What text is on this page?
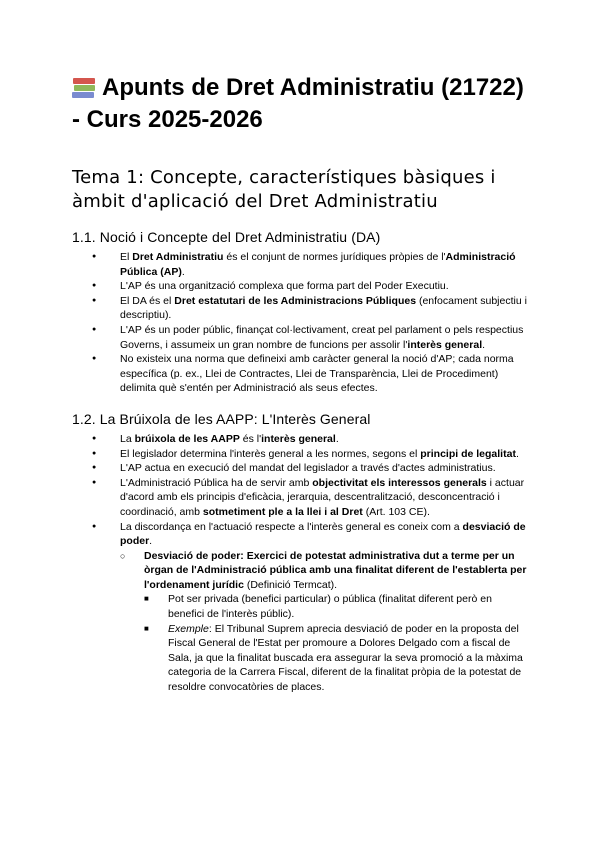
Apunts de Dret Administratiu (21722) - Curs 2025-2026
Tema 1: Concepte, característiques bàsiques i àmbit d'aplicació del Dret Administratiu
1.1. Noció i Concepte del Dret Administratiu (DA)
● El Dret Administratiu és el conjunt de normes jurídiques pròpies de l'Administració Pública (AP).
● L'AP és una organització complexa que forma part del Poder Executiu.
● El DA és el Dret estatutari de les Administracions Públiques (enfocament subjectiu i descriptiu).
● L'AP és un poder públic, finançat col·lectivament, creat pel parlament o pels respectius Governs, i assumeix un gran nombre de funcions per assolir l'interès general.
● No existeix una norma que defineixi amb caràcter general la noció d'AP; cada norma específica (p. ex., Llei de Contractes, Llei de Transparència, Llei de Procediment) delimita què s'entén per Administració als seus efectes.
1.2. La Brúixola de les AAPP: L'Interès General
● La brúixola de les AAPP és l'interès general.
● El legislador determina l'interès general a les normes, segons el principi de legalitat.
● L'AP actua en execució del mandat del legislador a través d'actes administratius.
● L'Administració Pública ha de servir amb objectivitat els interessos generals i actuar d'acord amb els principis d'eficàcia, jerarquia, descentralització, desconcentració i coordinació, amb sotmetiment ple a la llei i al Dret (Art. 103 CE).
● La discordança en l'actuació respecte a l'interès general es coneix com a desviació de poder.
○ Desviació de poder: Exercici de potestat administrativa dut a terme per un òrgan de l'Administració pública amb una finalitat diferent de l'establerta per l'ordenament jurídic (Definició Termcat).
■ Pot ser privada (benefici particular) o pública (finalitat diferent però en benefici de l'interès públic).
■ Exemple: El Tribunal Suprem aprecia desviació de poder en la proposta del Fiscal General de l'Estat per promoure a Dolores Delgado com a fiscal de Sala, ja que la finalitat buscada era assegurar la seva promoció a la màxima categoria de la Carrera Fiscal, diferent de la finalitat pròpia de la potestat de resoldre convocatòries de places.
